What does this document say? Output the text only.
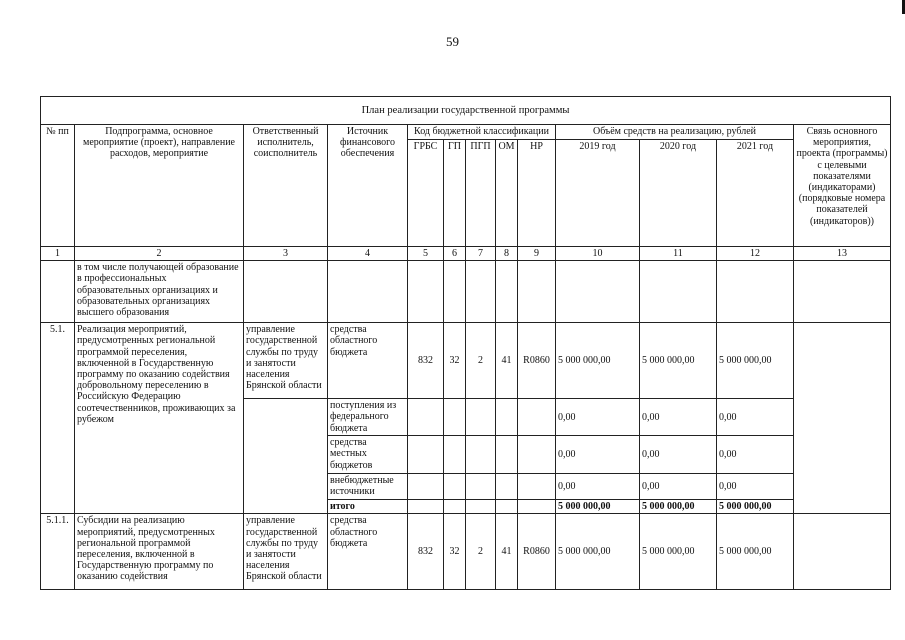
59
План реализации государственной программы												
№ пп	Подпрограмма, основное мероприятие (проект), направление расходов, мероприятие	Ответственный исполнитель, соисполнитель	Источник финансового обеспечения	Код бюджетной классификации					Объём средств на реализацию, рублей			Связь основного мероприятия, проекта (программы) с целевыми показателями (индикаторами) (порядковые номера показателей (индикаторов))
				ГРБС	ГП	ПГП	ОМ	НР	2019 год	2020 год	2021 год	
1	2	3	4	5	6	7	8	9	10	11	12	13
	в том числе получающей образование в профессиональных образовательных организациях и образовательных организациях высшего образования											
5.1.	Реализация мероприятий, предусмотренных региональной программой переселения, включенной в Государственную программу по оказанию содействия добровольному переселению в Российскую Федерацию соотечественников, проживающих за рубежом	управление государственной службы по труду и занятости населения Брянской области	средства областного бюджета	832	32	2	41	R0860	5 000 000,00	5 000 000,00	5 000 000,00	
			поступления из федерального бюджета						0,00	0,00	0,00	
			средства местных бюджетов						0,00	0,00	0,00	
			внебюджетные источники						0,00	0,00	0,00	
			итого						5 000 000,00	5 000 000,00	5 000 000,00	
5.1.1.	Субсидии на реализацию мероприятий, предусмотренных региональной программой переселения, включенной в Государственную программу по оказанию содействия	управление государственной службы по труду и занятости населения Брянской области	средства областного бюджета	832	32	2	41	R0860	5 000 000,00	5 000 000,00	5 000 000,00	
